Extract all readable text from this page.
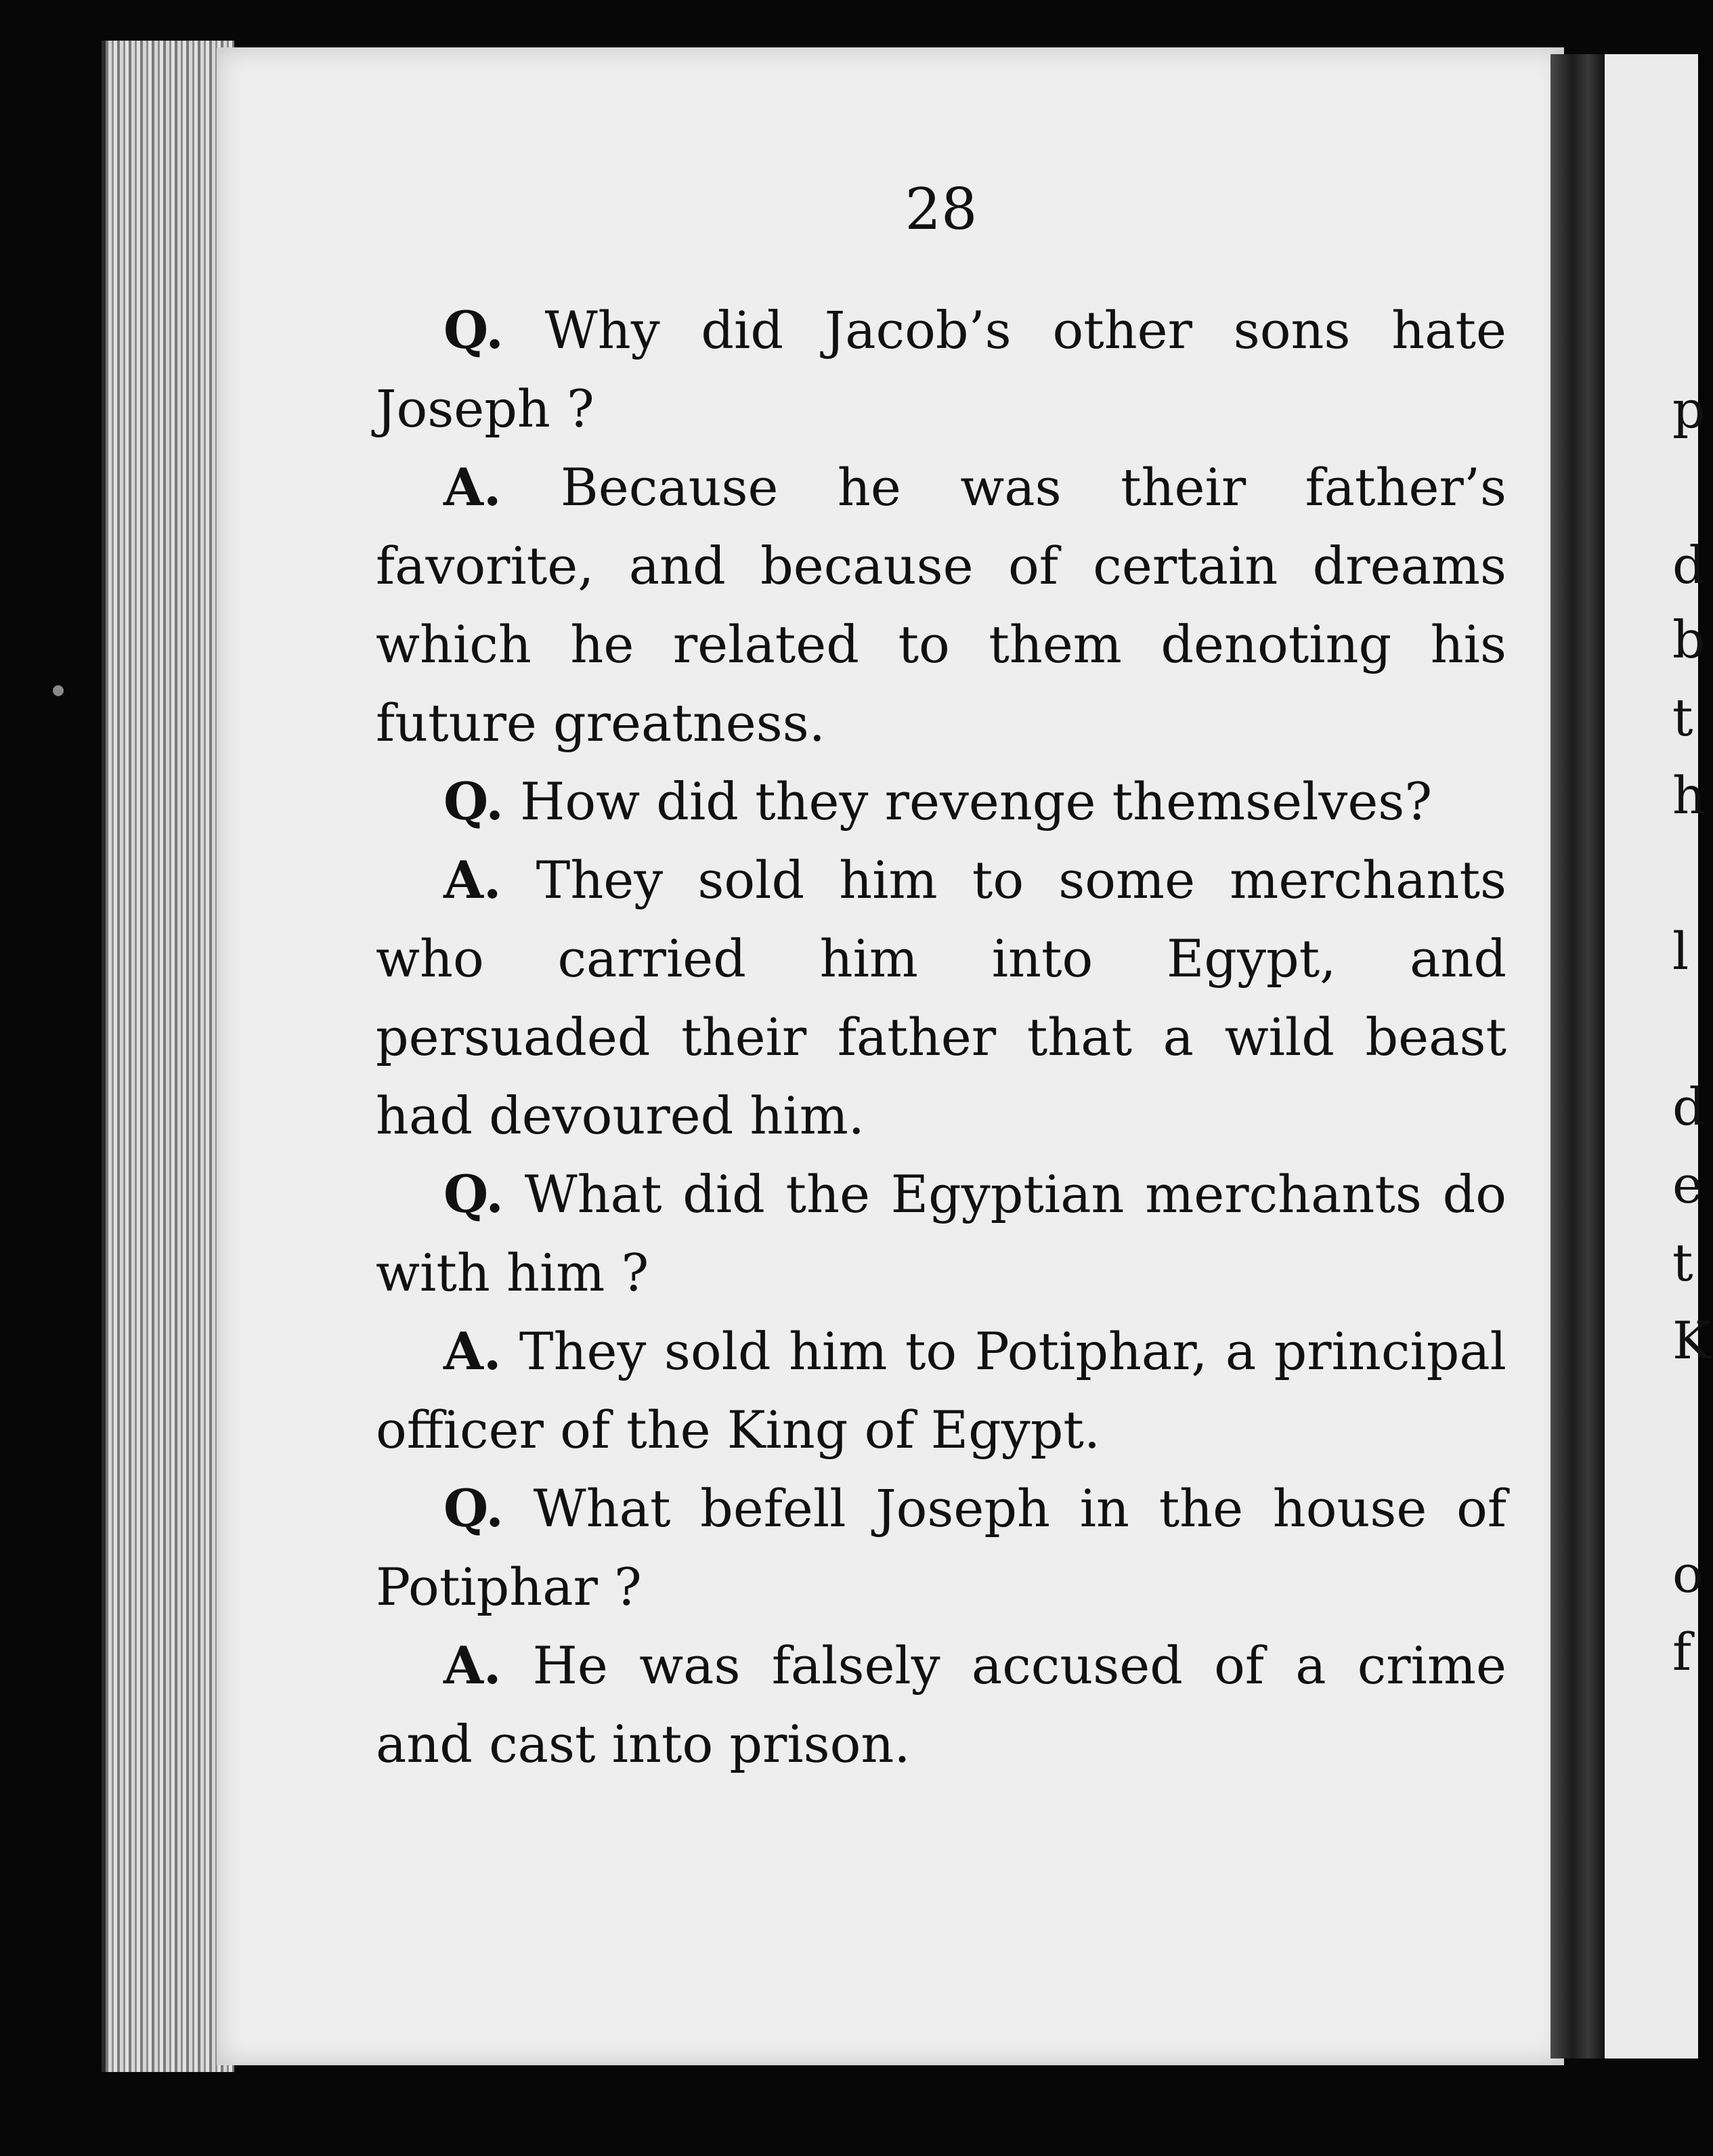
28

Q. Why did Jacob’s other sons hate Joseph ?

A. Because he was their father’s favorite, and because of certain dreams which he related to them denoting his future greatness.

Q. How did they revenge themselves?

A. They sold him to some merchants who carried him into Egypt, and persuaded their father that a wild beast had devoured him.

Q. What did the Egyptian merchants do with him ?

A. They sold him to Potiphar, a principal officer of the King of Egypt.

Q. What befell Joseph in the house of Potiphar ?

A. He was falsely accused of a crime and cast into prison.

p
d
b
t
h
l
d
e
t
K
o
f
